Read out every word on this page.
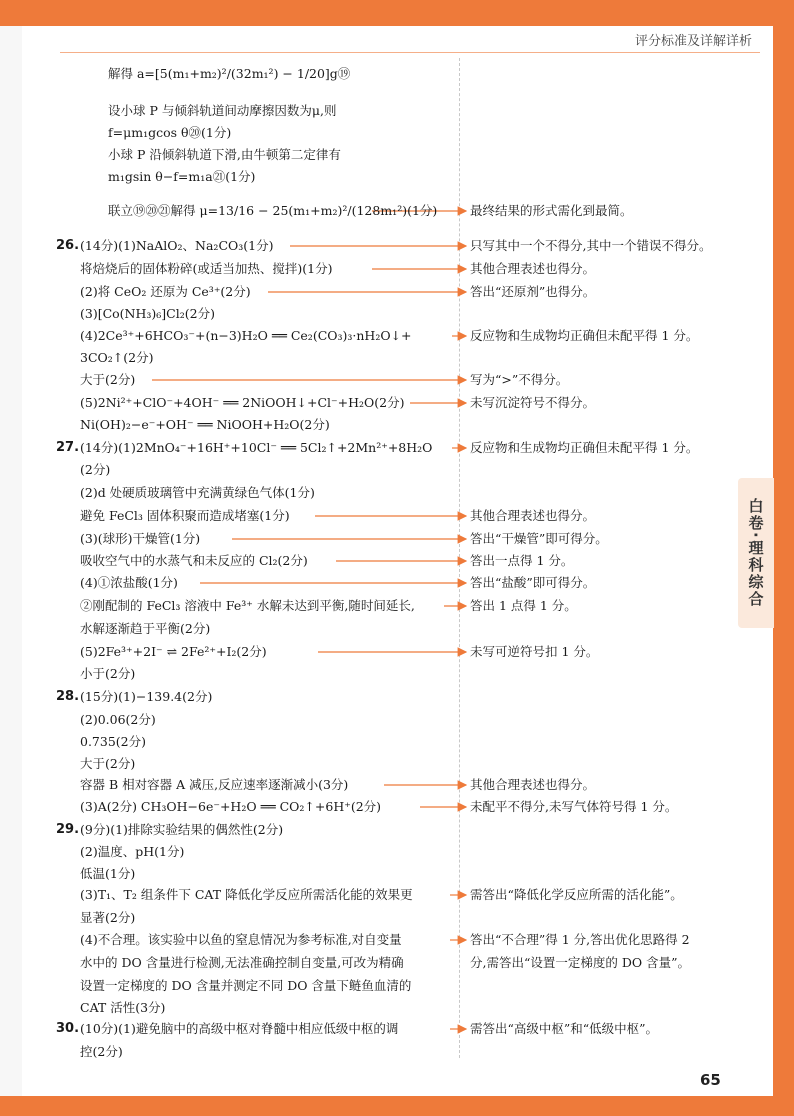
评分标准及详解详析
白卷·理科综合
解得 a=[5(m₁+m₂)²/(32m₁²) − 1/20]g⑲
设小球 P 与倾斜轨道间动摩擦因数为μ,则
f=μm₁gcos θ⑳(1分)
小球 P 沿倾斜轨道下滑,由牛顿第二定律有
m₁gsin θ−f=m₁a㉑(1分)
联立⑲⑳㉑解得 μ=13/16 − 25(m₁+m₂)²/(128m₁²)(1分)	最终结果的形式需化到最简。
26. (14分)(1)NaAlO₂、Na₂CO₃(1分)	只写其中一个不得分,其中一个错误不得分。
将焙烧后的固体粉碎(或适当加热、搅拌)(1分)	其他合理表述也得分。
(2)将 CeO₂ 还原为 Ce³⁺(2分)	答出“还原剂”也得分。
(3)[Co(NH₃)₆]Cl₂(2分)
(4)2Ce³⁺+6HCO₃⁻+(n−3)H₂O ══ Ce₂(CO₃)₃·nH₂O↓+	反应物和生成物均正确但未配平得 1 分。
3CO₂↑(2分)
大于(2分)	写为“>”不得分。
(5)2Ni²⁺+ClO⁻+4OH⁻ ══ 2NiOOH↓+Cl⁻+H₂O(2分)	未写沉淀符号不得分。
Ni(OH)₂−e⁻+OH⁻ ══ NiOOH+H₂O(2分)
27. (14分)(1)2MnO₄⁻+16H⁺+10Cl⁻ ══ 5Cl₂↑+2Mn²⁺+8H₂O	反应物和生成物均正确但未配平得 1 分。
(2分)
(2)d 处硬质玻璃管中充满黄绿色气体(1分)
避免 FeCl₃ 固体积聚而造成堵塞(1分)	其他合理表述也得分。
(3)(球形)干燥管(1分)	答出“干燥管”即可得分。
吸收空气中的水蒸气和未反应的 Cl₂(2分)	答出一点得 1 分。
(4)①浓盐酸(1分)	答出“盐酸”即可得分。
②刚配制的 FeCl₃ 溶液中 Fe³⁺ 水解未达到平衡,随时间延长,	答出 1 点得 1 分。
水解逐渐趋于平衡(2分)
(5)2Fe³⁺+2I⁻ ⇌ 2Fe²⁺+I₂(2分)	未写可逆符号扣 1 分。
小于(2分)
28. (15分)(1)−139.4(2分)
(2)0.06(2分)
0.735(2分)
大于(2分)
容器 B 相对容器 A 减压,反应速率逐渐减小(3分)	其他合理表述也得分。
(3)A(2分) CH₃OH−6e⁻+H₂O ══ CO₂↑+6H⁺(2分)	未配平不得分,未写气体符号得 1 分。
29. (9分)(1)排除实验结果的偶然性(2分)
(2)温度、pH(1分)
低温(1分)
(3)T₁、T₂ 组条件下 CAT 降低化学反应所需活化能的效果更	需答出“降低化学反应所需的活化能”。
显著(2分)
(4)不合理。该实验中以鱼的窒息情况为参考标准,对自变量	答出“不合理”得 1 分,答出优化思路得 2
水中的 DO 含量进行检测,无法准确控制自变量,可改为精确	分,需答出“设置一定梯度的 DO 含量”。
设置一定梯度的 DO 含量并测定不同 DO 含量下鲢鱼血清的
CAT 活性(3分)
30. (10分)(1)避免脑中的高级中枢对脊髓中相应低级中枢的调	需答出“高级中枢”和“低级中枢”。
控(2分)
65
